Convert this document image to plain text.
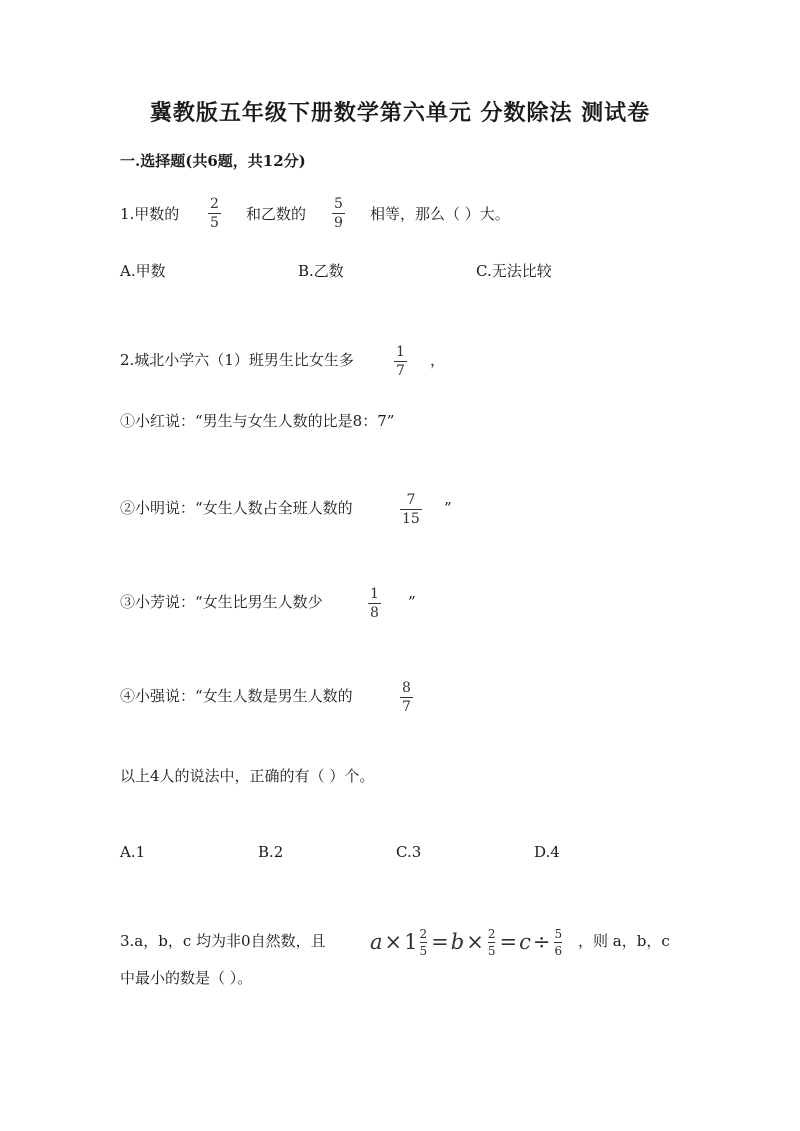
冀教版五年级下册数学第六单元 分数除法 测试卷
一.选择题(共6题，共12分)
1.甲数的
2
5 和乙数的
5
9 相等，那么（ ）大。
A.甲数	B.乙数	C.无法比较
2.城北小学六（1）班男生比女生多	1
7
，
①小红说：“男生与女生人数的比是8：7”
②小明说：“女生人数占全班人数的	7
15
”
③小芳说：“女生比男生人数少	1
8
”
④小强说：“女生人数是男生人数的	8
7
以上4人的说法中，正确的有（ ）个。
A.1	B.2	C.3	D.4
3.a，b，c 均为非0自然数，且 a × 1 2
5 = b × 2
5 = c ÷ 5
6
，则 a，b，c
中最小的数是（ ）。
